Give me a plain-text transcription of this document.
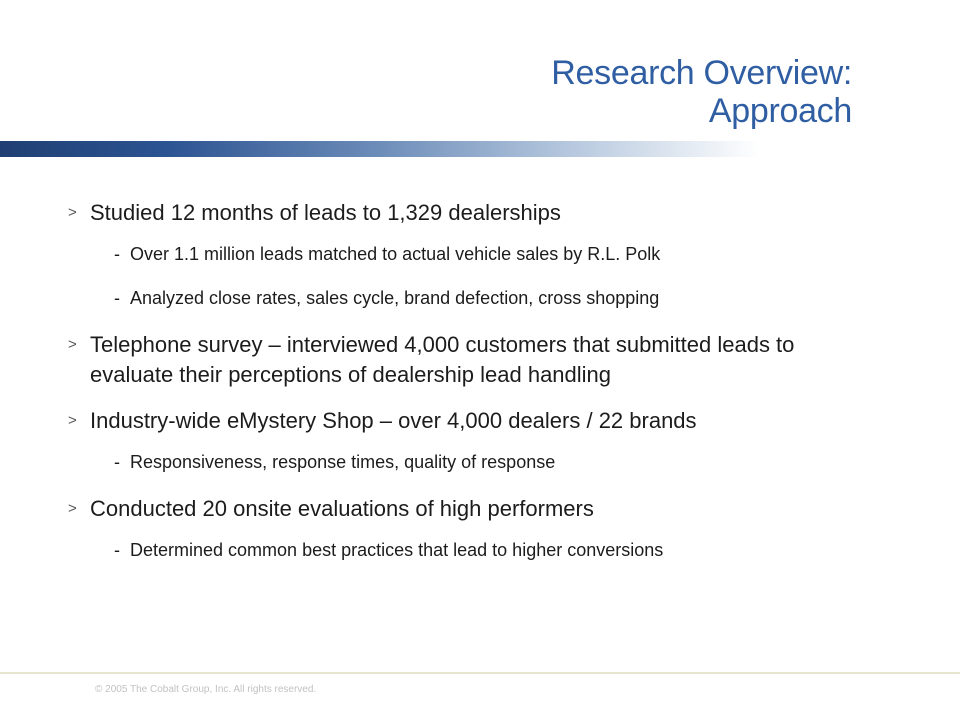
Research Overview:
Approach
> Studied 12 months of leads to 1,329 dealerships
- Over 1.1 million leads matched to actual vehicle sales by R.L. Polk
- Analyzed close rates, sales cycle, brand defection, cross shopping
> Telephone survey – interviewed 4,000 customers that submitted leads to evaluate their perceptions of dealership lead handling
> Industry-wide eMystery Shop – over 4,000 dealers / 22 brands
- Responsiveness, response times, quality of response
> Conducted 20 onsite evaluations of high performers
- Determined common best practices that lead to higher conversions
© 2005 The Cobalt Group, Inc. All rights reserved.
